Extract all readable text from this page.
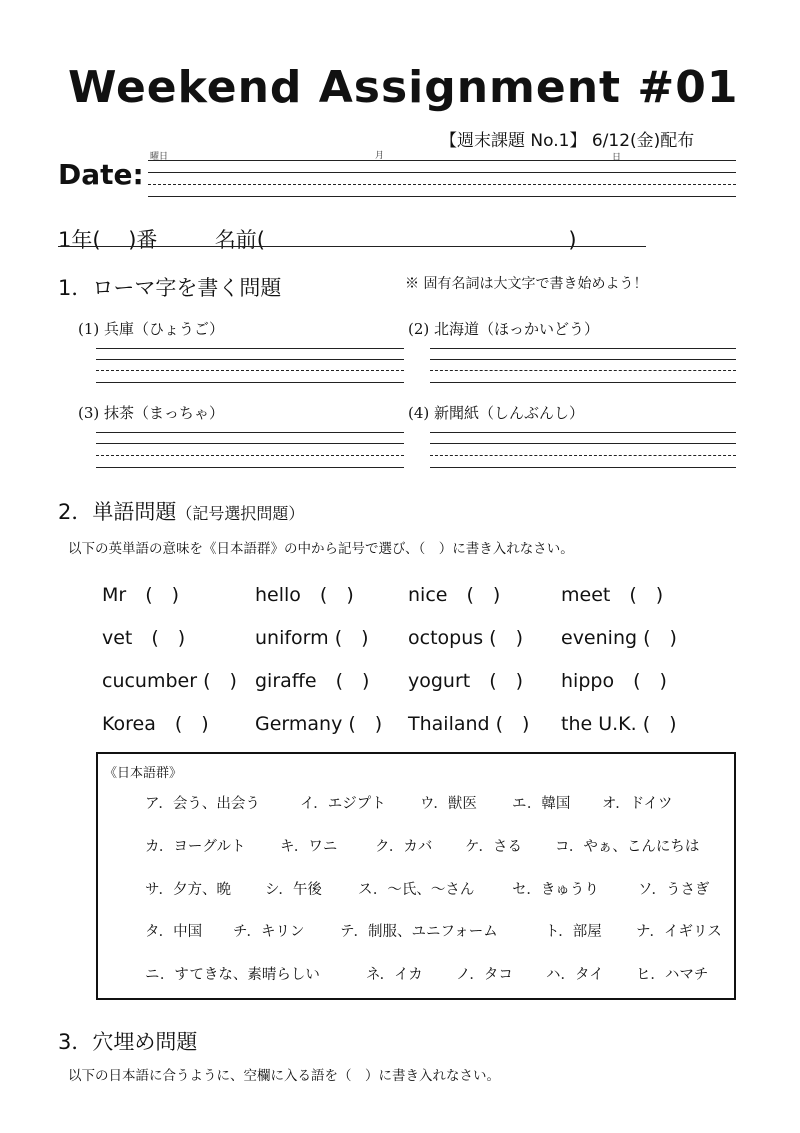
Weekend Assignment #01
【週末課題 No.1】 6/12(金)配布
Date:
曜日	月	日
1年(　 )番	名前(	)
1．ローマ字を書く問題	※ 固有名詞は大文字で書き始めよう！
(1) 兵庫（ひょうご）	(2) 北海道（ほっかいどう）
(3) 抹茶（まっちゃ）	(4) 新聞紙（しんぶんし）
2．単語問題（記号選択問題）
以下の英単語の意味を《日本語群》の中から記号で選び、（　）に書き入れなさい。
Mr　(　)	hello　(　)	nice　(　)	meet　(　)
vet　(　)	uniform (　) octopus (　) evening (　)
cucumber (　) giraffe　(　) yogurt　(　) hippo　(　)
Korea　(　) Germany (　) Thailand (　) the U.K. (　)
《日本語群》
ア．会う、出会う	イ．エジプト ウ．獣医 エ．韓国 オ．ドイツ
カ．ヨーグルト キ．ワニ	ク．カバ ケ．さる コ．やぁ、こんにちは
サ．夕方、晩 シ．午後 ス．～氏、～さん	セ．きゅうり	ソ．うさぎ
タ．中国 チ．キリン テ．制服、ユニフォーム	ト．部屋 ナ．イギリス
ニ．すてきな、素晴らしい	ネ．イカ ノ．タコ ハ．タイ ヒ．ハマチ
3．穴埋め問題
以下の日本語に合うように、空欄に入る語を（　）に書き入れなさい。
